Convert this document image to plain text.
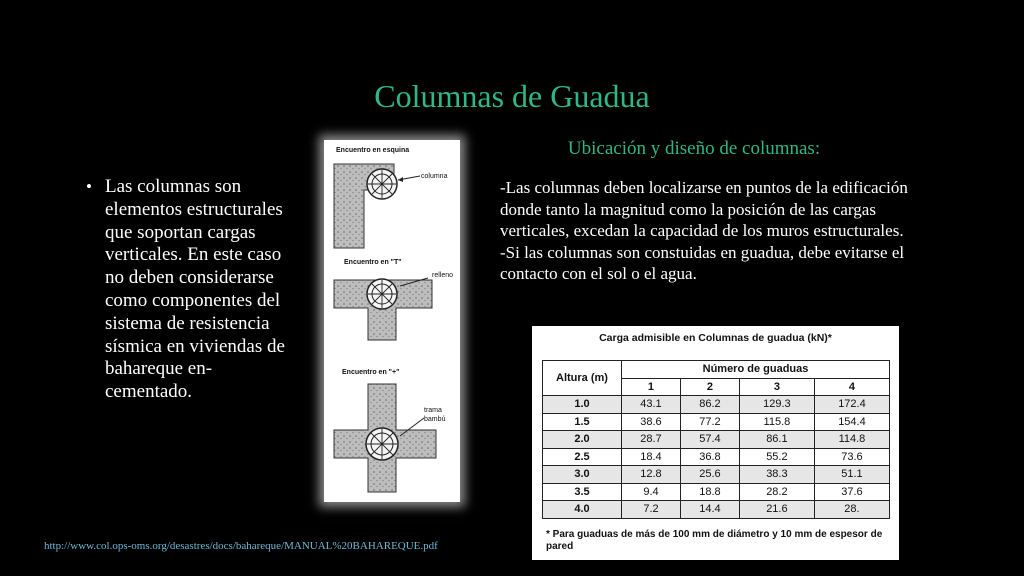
Columnas de Guadua
• Las columnas son elementos estructurales que soportan cargas verticales. En este caso no deben considerarse como componentes del sistema de resistencia sísmica en viviendas de bahareque en-cementado.
Encuentro en esquina
columna
Encuentro en "T"
relleno
Encuentro en "+"
trama
bambú
Ubicación y diseño de columnas:

-Las columnas deben localizarse en puntos de la edificación donde tanto la magnitud como la posición de las cargas verticales, excedan la capacidad de los muros estructurales.

-Si las columnas son constuidas en guadua, debe evitarse el contacto con el sol o el agua.

Carga admisible en Columnas de guadua (kN)*
Altura (m)	Número de guaduas			
	1	2	3	4
1.0	43.1	86.2	129.3	172.4
1.5	38.6	77.2	115.8	154.4
2.0	28.7	57.4	86.1	114.8
2.5	18.4	36.8	55.2	73.6
3.0	12.8	25.6	38.3	51.1
3.5	9.4	18.8	28.2	37.6
4.0	7.2	14.4	21.6	28.
* Para guaduas de más de 100 mm de diámetro y 10 mm de espesor de pared
http://www.col.ops-oms.org/desastres/docs/bahareque/MANUAL%20BAHAREQUE.pdf
